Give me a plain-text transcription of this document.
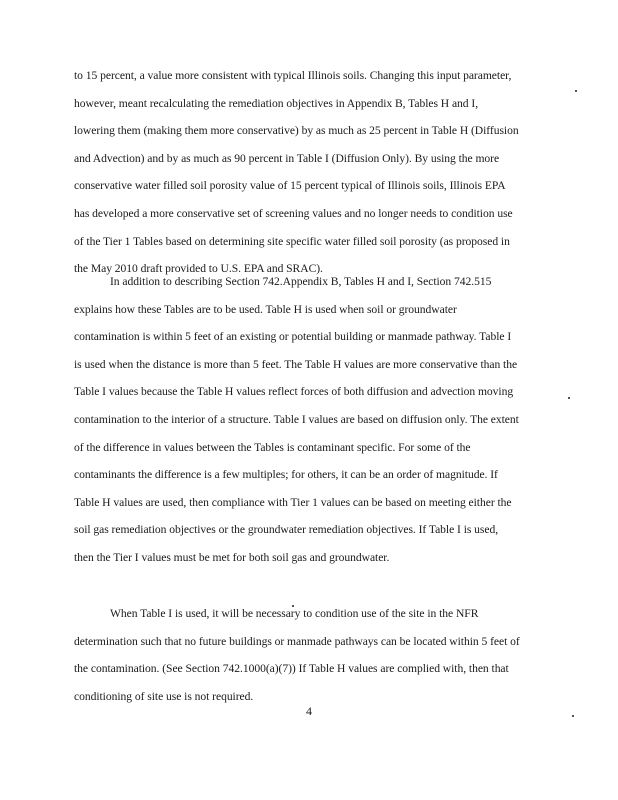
to 15 percent, a value more consistent with typical Illinois soils. Changing this input parameter,
however, meant recalculating the remediation objectives in Appendix B, Tables H and I,
lowering them (making them more conservative) by as much as 25 percent in Table H (Diffusion
and Advection) and by as much as 90 percent in Table I (Diffusion Only). By using the more
conservative water filled soil porosity value of 15 percent typical of Illinois soils, Illinois EPA
has developed a more conservative set of screening values and no longer needs to condition use
of the Tier 1 Tables based on determining site specific water filled soil porosity (as proposed in
the May 2010 draft provided to U.S. EPA and SRAC).
In addition to describing Section 742.Appendix B, Tables H and I, Section 742.515
explains how these Tables are to be used. Table H is used when soil or groundwater
contamination is within 5 feet of an existing or potential building or manmade pathway. Table I
is used when the distance is more than 5 feet. The Table H values are more conservative than the
Table I values because the Table H values reflect forces of both diffusion and advection moving
contamination to the interior of a structure. Table I values are based on diffusion only. The extent
of the difference in values between the Tables is contaminant specific. For some of the
contaminants the difference is a few multiples; for others, it can be an order of magnitude. If
Table H values are used, then compliance with Tier 1 values can be based on meeting either the
soil gas remediation objectives or the groundwater remediation objectives. If Table I is used,
then the Tier I values must be met for both soil gas and groundwater.
When Table I is used, it will be necessary to condition use of the site in the NFR
determination such that no future buildings or manmade pathways can be located within 5 feet of
the contamination. (See Section 742.1000(a)(7)) If Table H values are complied with, then that
conditioning of site use is not required.
4
